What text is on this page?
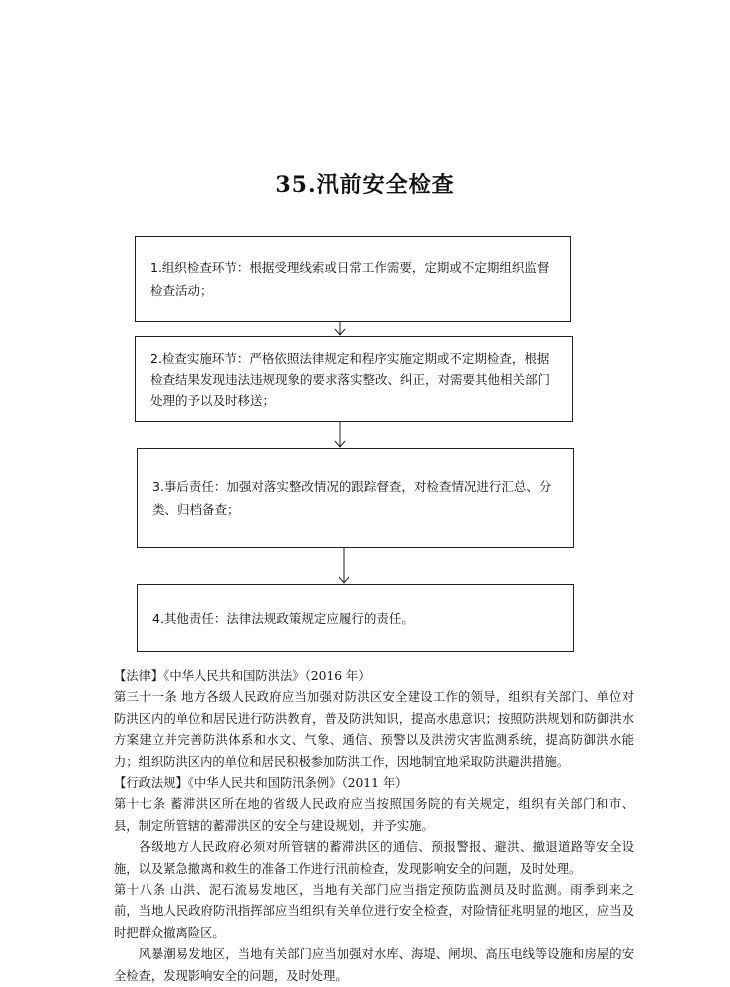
35.汛前安全检查
1.组织检查环节：根据受理线索或日常工作需要，定期或不定期组织监督检查活动；
2.检查实施环节：严格依照法律规定和程序实施定期或不定期检查，根据检查结果发现违法违规现象的要求落实整改、纠正，对需要其他相关部门处理的予以及时移送；
3.事后责任：加强对落实整改情况的跟踪督查，对检查情况进行汇总、分类、归档备查；
4.其他责任：法律法规政策规定应履行的责任。

【法律】《中华人民共和国防洪法》（2016 年）

第三十一条 地方各级人民政府应当加强对防洪区安全建设工作的领导，组织有关部门、单位对防洪区内的单位和居民进行防洪教育，普及防洪知识，提高水患意识；按照防洪规划和防御洪水方案建立并完善防洪体系和水文、气象、通信、预警以及洪涝灾害监测系统，提高防御洪水能力；组织防洪区内的单位和居民积极参加防洪工作，因地制宜地采取防洪避洪措施。

【行政法规】《中华人民共和国防汛条例》（2011 年）

第十七条 蓄滞洪区所在地的省级人民政府应当按照国务院的有关规定，组织有关部门和市、县，制定所管辖的蓄滞洪区的安全与建设规划，并予实施。

各级地方人民政府必须对所管辖的蓄滞洪区的通信、预报警报、避洪、撤退道路等安全设施，以及紧急撤离和救生的准备工作进行汛前检查，发现影响安全的问题，及时处理。

第十八条 山洪、泥石流易发地区，当地有关部门应当指定预防监测员及时监测。雨季到来之前，当地人民政府防汛指挥部应当组织有关单位进行安全检查，对险情征兆明显的地区，应当及时把群众撤离险区。

风暴潮易发地区，当地有关部门应当加强对水库、海堤、闸坝、高压电线等设施和房屋的安全检查，发现影响安全的问题，及时处理。
